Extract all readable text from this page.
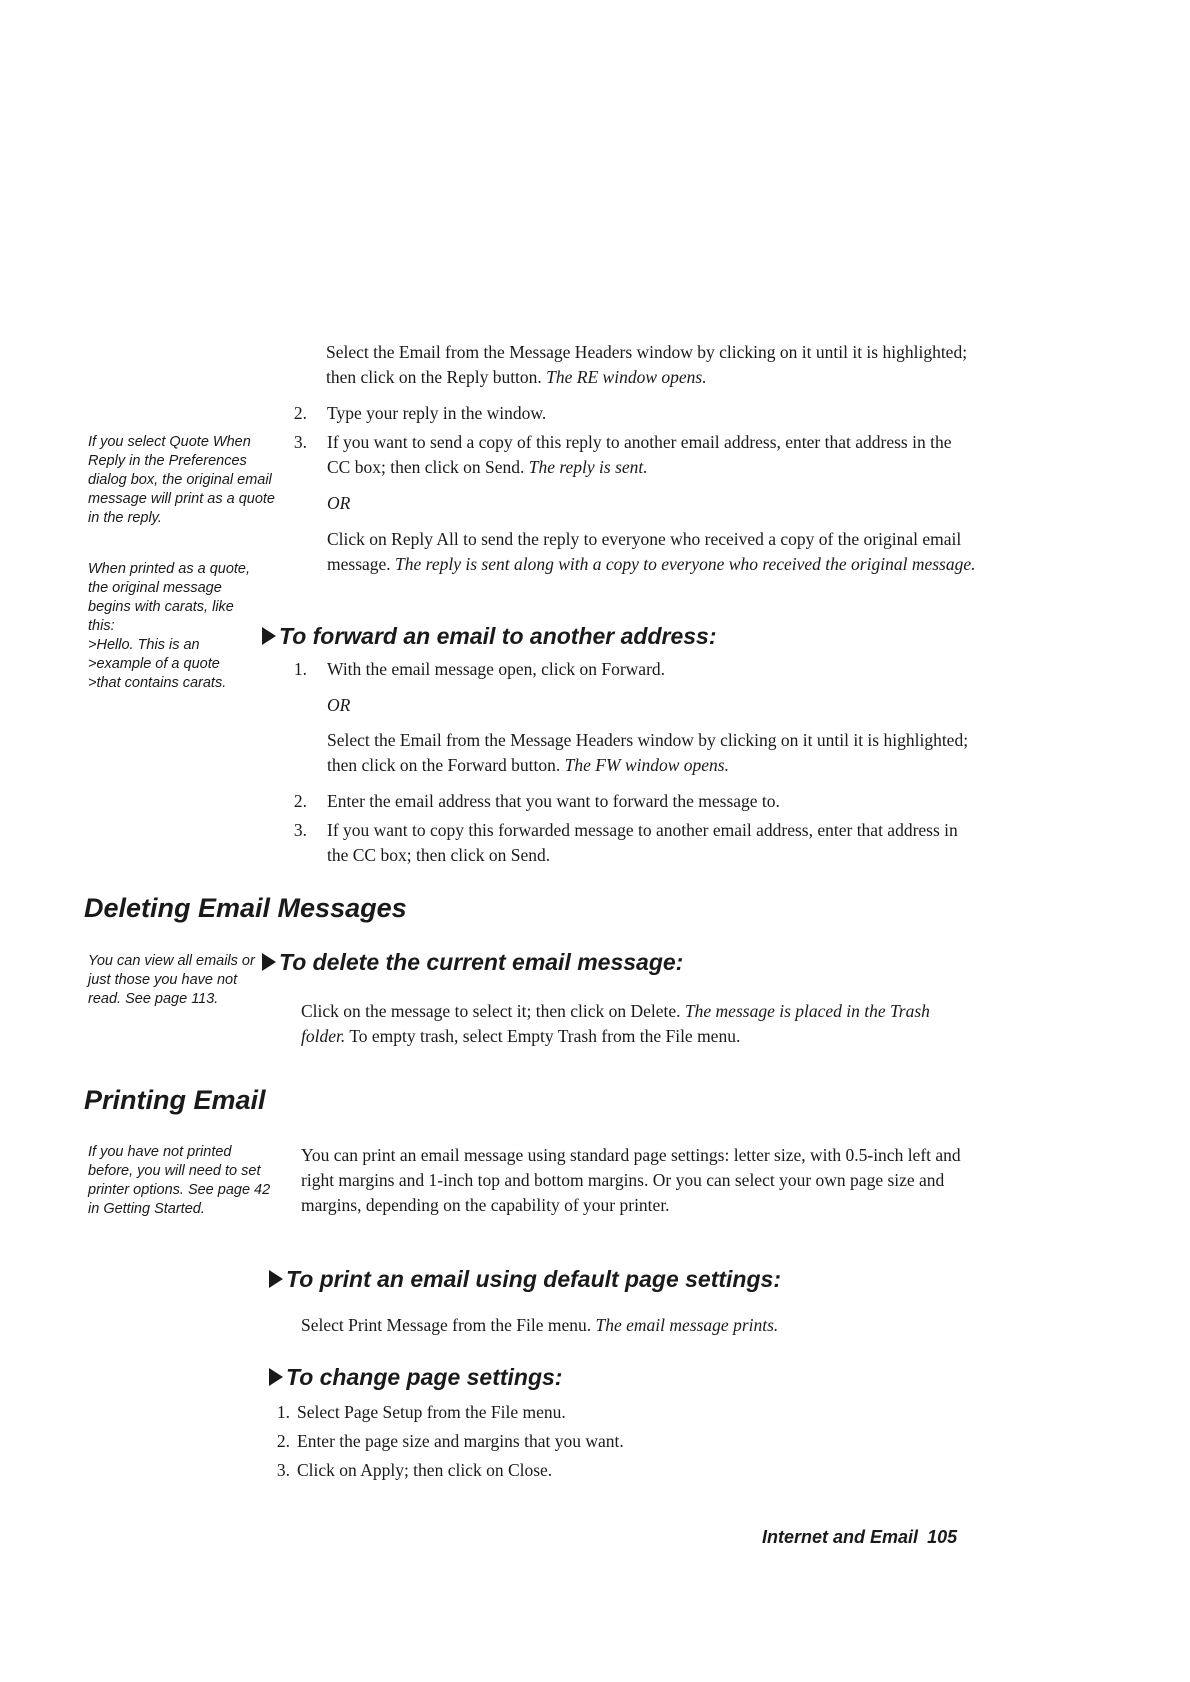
Select the Email from the Message Headers window by clicking on it until it is highlighted; then click on the Reply button. The RE window opens.
2. Type your reply in the window.
3. If you want to send a copy of this reply to another email address, enter that address in the CC box; then click on Send. The reply is sent.
OR
Click on Reply All to send the reply to everyone who received a copy of the original email message. The reply is sent along with a copy to everyone who received the original message.
If you select Quote When Reply in the Preferences dialog box, the original email message will print as a quote in the reply.
When printed as a quote,
the original message
begins with carats, like
this:
>Hello. This is an
>example of a quote
>that contains carats.
To forward an email to another address:
1. With the email message open, click on Forward.
OR
Select the Email from the Message Headers window by clicking on it until it is highlighted; then click on the Forward button. The FW window opens.
2. Enter the email address that you want to forward the message to.
3. If you want to copy this forwarded message to another email address, enter that address in the CC box; then click on Send.
Deleting Email Messages
You can view all emails or just those you have not read. See page 113.
To delete the current email message:
Click on the message to select it; then click on Delete. The message is placed in the Trash folder. To empty trash, select Empty Trash from the File menu.
Printing Email
If you have not printed before, you will need to set printer options. See page 42 in Getting Started.
You can print an email message using standard page settings: letter size, with 0.5-inch left and right margins and 1-inch top and bottom margins. Or you can select your own page size and margins, depending on the capability of your printer.
To print an email using default page settings:
Select Print Message from the File menu. The email message prints.
To change page settings:
1. Select Page Setup from the File menu.
2. Enter the page size and margins that you want.
3. Click on Apply; then click on Close.
Internet and Email 105
